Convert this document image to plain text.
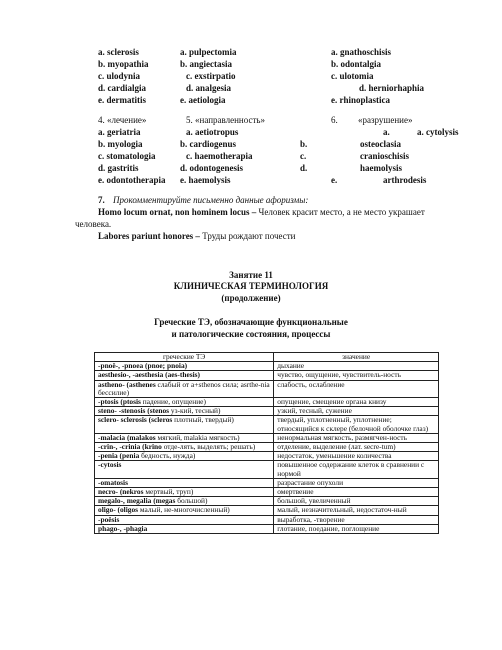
a. sclerosis	a. pulpectomia	a. gnathoschisis
b. myopathia	b. angiectasia	b. odontalgia
c. ulodynia	c. exstirpatio	c. ulotomia
d. cardialgia	d. analgesia	d. herniorhaphia
e. dermatitis	e. aetiologia	e. rhinoplastica
4. «лечение»	5. «направленность»	6. «разрушение»
a. geriatria	a. aetiotropus	a.	a. cytolysis
b. myologia	b. cardiogenus	b.	osteoclasia
c. stomatologia	c. haemotherapia	c.	cranioschisis
d. gastritis	d. odontogenesis	d.	haemolysis
e. odontotherapia e. haemolysis	e.	arthrodesis
7. Прокомментируйте письменно данные афоризмы:
Homo locum ornat, non hominem locus – Человек красит место, а не место украшает
человека.
Labores pariunt honores – Труды рождают почести
Занятие 11
КЛИНИЧЕСКАЯ ТЕРМИНОЛОГИЯ
(продолжение)
Греческие ТЭ, обозначающие функциональные
и патологические состояния, процессы
греческие ТЭ	значение
-pnoë-, -pnoea (pnoe; pnoia)	дыхание
aesthesio-, -aesthesia (aes-thesis)	чувство, ощущение, чувствитель-ность
astheno- (asthenes слабый от a+sthenos сила; asrthe-nia бессилие)	слабость, ослабление
-ptosis (ptosis падение, опущение)	опущение, смещение органа книзу
steno- -stenosis (stenos уз-кий, тесный)	узкий, тесный, сужение
sclero- sclerosis (scleros плотный, твердый)	твердый, уплотненный, уплотнение; относящийся к склере (белочной оболочке глаз)
-malacia (malakos мягкий, malakia мягкость)	ненормальная мягкость, размягчен-ность
-crin-, -crinia (krino отде-лять, выделять; решать)	отделение, выделение (лат. secre-tum)
-penia (penia бедность, нужда)	недостаток, уменьшение количества
-cytosis	повышенное содержание клеток в сравнении с нормой
-omatosis	разрастание опухоли
necro- (nekros мертвый, труп)	омертвение
megalo-, megalia (megas большой)	большой, увеличенный
oligo- (oligos малый, не-многочисленный)	малый, незначительный, недостаточ-ный
-poësis	выработка, -творение
phago-, -phagia	глотание, поедание, поглощение
